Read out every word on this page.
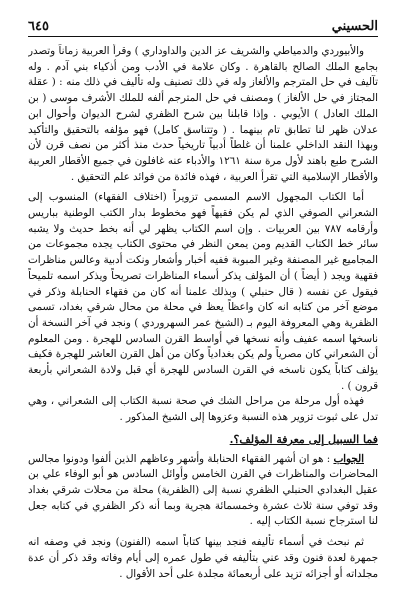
٦٤٥	الحسيني

والأبيوردي والدمياطي والشريف عز الدين والداوداري ) وقرأ العربية زماناً وتصدر بجامع الملك الصالح بالقاهرة . وكان علامة في الأدب ومن أذكياء بني آدم . وله تآليف في حل المترجم والألغاز وله في ذلك تصنيف وله تأليف في ذلك منه : ( عقلة المجتاز في حل الألغاز ) ومصنف في حل المترجم ألفه للملك الأشرف موسى ( بن الملك العادل ) الأيوبي . وإذا قابلنا بين شرح الظفري لشرح الديوان وأحوال ابن عدلان ظهر لنا تطابق تام بينهما . ( وتتناسق كامل) فهو مؤلفه بالتحقيق والتأكيد وبهذا النقد الداخلي علمنا أن غلطاً أدبياً تاريخياً حدث منذ أكثر من نصف قرن لأن الشرح طبع باهند لأول مرة سنة ١٢٦١ والأدباء عنه غافلون في جميع الأقطار العربية والأقطار الإسلامية التي تقرأ العربية ، فهذه فائدة من فوائد علم التحقيق .

أما الكتاب المجهول الاسم المسمى تزويراً (اختلاف الفقهاء) المنسوب إلى الشعراني الصوفي الذي لم يكن فقيهاً فهو مخطوط بدار الكتب الوطنية بباريس وأرقامه ٧٨٧ بين العربيات . وإن اسم الكتاب يظهر لي أنه بخط حديث ولا يشبه سائر خط الكتاب القديم ومن يمعن النظر في محتوى الكتاب يجده مجموعات من المجاميع غير المصنفة وغير المبوبة ففيه أخبار وأشعار ونكت أدبية وعالس مناظرات فقهية ويجد ( أيضاً ) أن المؤلف يذكر أسماء المناظرات تصريحاً ويذكر اسمه تلميحاً فيقول عن نفسه ( قال حنبلي ) وبذلك علمنا أنه كان من فقهاء الحنابلة وذكر في موضع آخر من كتابه انه كان واعظاً يعظ في محلة من محال شرقي بغداد، تسمى الظفرية وهي المعروفة اليوم بـ (الشيخ عمر السهروردي ) ونجد في آخر النسخة أن ناسخها اسمه عفيف وأنه نسخها في أواسط القرن السادس للهجرة . ومن المعلوم أن الشعراني كان مصرياً ولم يكن بغدادياً وكان من أهل القرن العاشر للهجرة فكيف يؤلف كتاباً يكون ناسخه في القرن السادس للهجرة أي قبل ولادة الشعراني بأربعة قرون ) .

فهذه أول مرحلة من مراحل الشك في صحة نسبة الكتاب إلى الشعراني ، وهي تدل على ثبوت تزوير هذه النسبة وعزوها إلى الشيخ المذكور .

فما السبيل إلى معرفة المؤلف؟.

الجواب : هو ان أشهر الفقهاء الحنابلة وأشهر وعاظهم الذين ألفوا ودونوا مجالس المحاضرات والمناظرات في القرن الخامس وأوائل السادس هو أبو الوفاء علي بن عقيل البغدادي الحنبلي الظفري نسبة إلى (الظفرية) محلة من محلات شرقي بغداد وقد توفي سنة ثلاث عشرة وخمسمائة هجرية وبما أنه ذكر الظفري في كتابه جعل لنا استرجاح نسبة الكتاب إليه .

ثم نبحث في أسماء تأليفه فنجد بينها كتاباً اسمه (الفنون) ونجد في وصفه انه جمهرة لعدة فنون وقد عني بتأليفه في طول عمره إلى أيام وفاته وقد ذكر أن عدة مجلداته أو أجزائه تزيد على أربعمائة مجلدة على أحد الأقوال .
